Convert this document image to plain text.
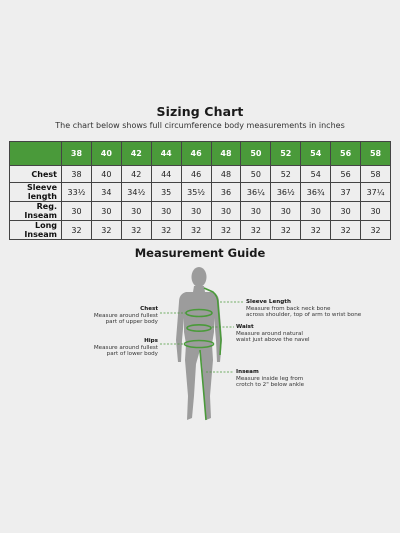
Sizing Chart
The chart below shows full circumference body measurements in inches
	38	40	42	44	46	48	50	52	54	56	58
Chest	38	40	42	44	46	48	50	52	54	56	58
Sleeve length	33½	34	34½	35	35½	36	36¼	36½	36¾	37	37¼
Reg. Inseam	30	30	30	30	30	30	30	30	30	30	30
Long Inseam	32	32	32	32	32	32	32	32	32	32	32
Measurement Guide
Chest
Measure around fullest
part of upper body
Hips
Measure around fullest
part of lower body
Sleeve Length
Measure from back neck bone
across shoulder, top of arm to wrist bone
Waist
Measure around natural
waist just above the navel
Inseam
Measure inside leg from
crotch to 2" below ankle
